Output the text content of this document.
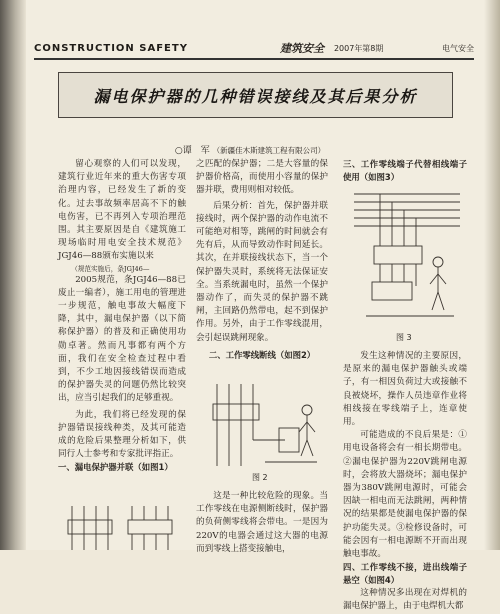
CONSTRUCTION SAFETY	建筑安全 2007年第8期	电气安全
漏电保护器的几种错误接线及其后果分析
○谭　军 （新疆佳木斯建筑工程有限公司）

留心观察的人们可以发现，建筑行业近年来的重大伤害专项治理内容，已经发生了新的变化。过去事故频率居高不下的触电伤害，已不再列入专项治理范围。其主要原因是自《建筑施工现场临时用电安全技术规范》JGJ46—88颁布实施以来

（规范实施后，条JGJ46—

2005规范，条JGJ46—88已废止一编者），施工用电的管理进一步规范，触电事故大幅度下降，其中，漏电保护器（以下简称保护器）的普及和正确使用功勋卓著。然而凡事都有两个方面，我们在安全检查过程中看到，不少工地因接线错误而造成的保护器失灵的问题仍然比较突出，应当引起我们的足够重视。

为此，我们将已经发现的保护器错误接线种类，及其可能造成的危险后果整理分析如下，供同行人士参考和专家批评指正。

一、漏电保护器并联（如图1）

之匹配的保护器；二是大容量的保护器价格高，而使用小容量的保护器并联，费用则相对较低。

后果分析：首先，保护器并联接线时，两个保护器的动作电流不可能绝对相等，跳闸的时间就会有先有后，从而导致动作时间延长。其次，在并联接线状态下，当一个保护器失灵时，系统将无法保证安全。当系统漏电时，虽然一个保护器动作了，而失灵的保护器不跳闸，主回路仍然带电，起不到保护作用。另外，由于工作零线混用，会引起误跳闸现象。

二、工作零线断线（如图2）

图 2

这是一种比较危险的现象。当工作零线在电源侧断线时，保护器的负荷侧零线将会带电。一是因为220V的电器会通过这大器的电源而到零线上搭变接触电，

三、工作零线端子代替相线端子使用（如图3）

图 3

发生这种情况的主要原因，是原来的漏电保护器触头或端子，有一相因负荷过大或接触不良被烧坏，操作人员违章作业将相线接在零线端子上，连章使用。

可能造成的不良后果是：①用电设备将会有一相长期带电。②漏电保护器为220V跳闸电源时，会将放大器烧坏；漏电保护器为380V跳闸电源时，可能会因缺一相电而无法跳闸，两种情况的结果都是使漏电保护器的保护功能失灵。③检修设备时，可能会因有一相电源断不开而出现触电事故。

四、工作零线不接，进出线端子悬空（如图4）

这种情况多出现在对焊机的漏电保护器上，由于电焊机大都
